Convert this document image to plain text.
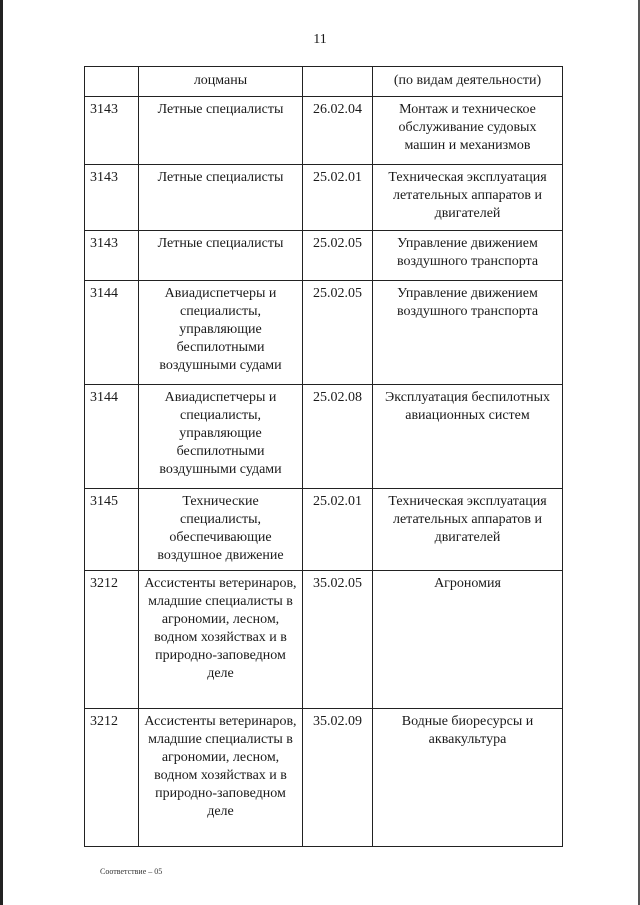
11
	лоцманы		(по видам деятельности)
3143	Летные специалисты	26.02.04	Монтаж и техническое обслуживание судовых машин и механизмов
3143	Летные специалисты	25.02.01	Техническая эксплуатация летательных аппаратов и двигателей
3143	Летные специалисты	25.02.05	Управление движением воздушного транспорта
3144	Авиадиспетчеры и специалисты, управляющие беспилотными воздушными судами	25.02.05	Управление движением воздушного транспорта
3144	Авиадиспетчеры и специалисты, управляющие беспилотными воздушными судами	25.02.08	Эксплуатация беспилотных авиационных систем
3145	Технические специалисты, обеспечивающие воздушное движение	25.02.01	Техническая эксплуатация летательных аппаратов и двигателей
3212	Ассистенты ветеринаров, младшие специалисты в агрономии, лесном, водном хозяйствах и в природно-заповедном деле	35.02.05	Агрономия
3212	Ассистенты ветеринаров, младшие специалисты в агрономии, лесном, водном хозяйствах и в природно-заповедном деле	35.02.09	Водные биоресурсы и аквакультура
Соответствие – 05
